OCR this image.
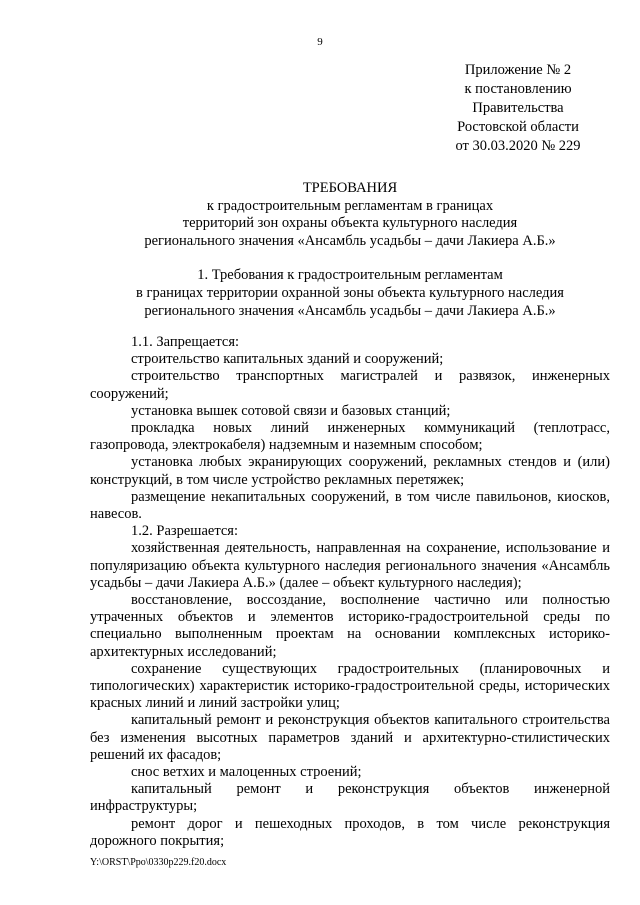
9
Приложение № 2
к постановлению
Правительства
Ростовской области
от 30.03.2020 № 229
ТРЕБОВАНИЯ
к градостроительным регламентам в границах
территорий зон охраны объекта культурного наследия
регионального значения «Ансамбль усадьбы – дачи Лакиера А.Б.»
1. Требования к градостроительным регламентам
в границах территории охранной зоны объекта культурного наследия
регионального значения «Ансамбль усадьбы – дачи Лакиера А.Б.»

1.1. Запрещается:

строительство капитальных зданий и сооружений;

строительство транспортных магистралей и развязок, инженерных сооружений;

установка вышек сотовой связи и базовых станций;

прокладка новых линий инженерных коммуникаций (теплотрасс, газопровода, электрокабеля) надземным и наземным способом;

установка любых экранирующих сооружений, рекламных стендов и (или) конструкций, в том числе устройство рекламных перетяжек;

размещение некапитальных сооружений, в том числе павильонов, киосков, навесов.

1.2. Разрешается:

хозяйственная деятельность, направленная на сохранение, использование и популяризацию объекта культурного наследия регионального значения «Ансамбль усадьбы – дачи Лакиера А.Б.» (далее – объект культурного наследия);

восстановление, воссоздание, восполнение частично или полностью утраченных объектов и элементов историко-градостроительной среды по специально выполненным проектам на основании комплексных историко-архитектурных исследований;

сохранение существующих градостроительных (планировочных и типологических) характеристик историко-градостроительной среды, исторических красных линий и линий застройки улиц;

капитальный ремонт и реконструкция объектов капитального строительства без изменения высотных параметров зданий и архитектурно-стилистических решений их фасадов;

снос ветхих и малоценных строений;

капитальный ремонт и реконструкция объектов инженерной инфраструктуры;

ремонт дорог и пешеходных проходов, в том числе реконструкция дорожного покрытия;

Y:\ORST\Ppo\0330p229.f20.docx
